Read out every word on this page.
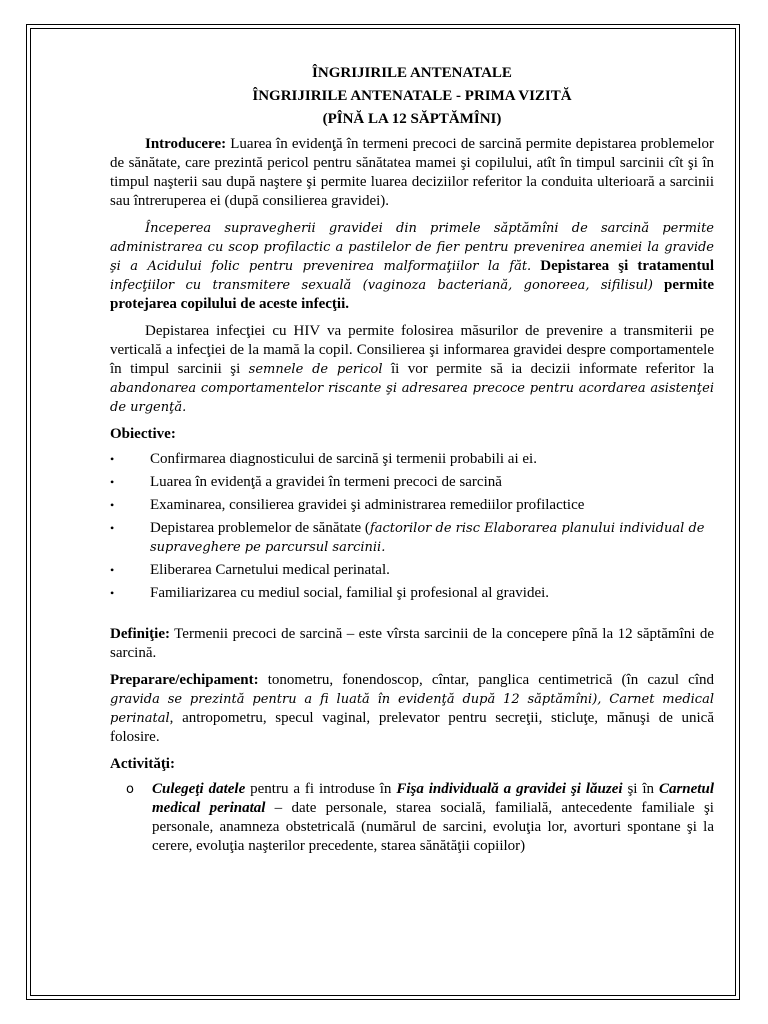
ÎNGRIJIRILE ANTENATALE

ÎNGRIJIRILE ANTENATALE - PRIMA VIZITĂ

(PÎNĂ LA 12 SĂPTĂMÎNI)

Introducere: Luarea în evidenţă în termeni precoci de sarcină permite depistarea problemelor de sănătate, care prezintă pericol pentru sănătatea mamei şi copilului, atît în timpul sarcinii cît şi în timpul naşterii sau după naştere şi permite luarea deciziilor referitor la conduita ulterioară a sarcinii sau întreruperea ei (după consilierea gravidei).

Începerea supravegherii gravidei din primele săptămîni de sarcină permite administrarea cu scop profilactic a pastilelor de fier pentru prevenirea anemiei la gravide şi a Acidului folic pentru prevenirea malformaţiilor la făt. Depistarea şi tratamentul infecţiilor cu transmitere sexuală (vaginoza bacteriană, gonoreea, sifilisul) permite protejarea copilului de aceste infecţii.

Depistarea infecţiei cu HIV va permite folosirea măsurilor de prevenire a transmiterii pe verticală a infecţiei de la mamă la copil. Consilierea şi informarea gravidei despre comportamentele în timpul sarcinii şi semnele de pericol îi vor permite să ia decizii informate referitor la abandonarea comportamentelor riscante şi adresarea precoce pentru acordarea asistenţei de urgenţă.

Obiective:

• Confirmarea diagnosticului de sarcină şi termenii probabili ai ei.
• Luarea în evidenţă a gravidei în termeni precoci de sarcină
• Examinarea, consilierea gravidei şi administrarea remediilor profilactice
• Depistarea problemelor de sănătate (factorilor de risc Elaborarea planului individual de supraveghere pe parcursul sarcinii.
• Eliberarea Carnetului medical perinatal.
• Familiarizarea cu mediul social, familial şi profesional al gravidei.

Definiţie: Termenii precoci de sarcină – este vîrsta sarcinii de la concepere pînă la 12 săptămîni de sarcină.

Preparare/echipament: tonometru, fonendoscop, cîntar, panglica centimetrică (în cazul cînd gravida se prezintă pentru a fi luată în evidenţă după 12 săptămîni), Carnet medical perinatal, antropometru, specul vaginal, prelevator pentru secreţii, sticluţe, mănuşi de unică folosire.

Activităţi:

o Culegeţi datele pentru a fi introduse în Fişa individuală a gravidei şi lăuzei şi în Carnetul medical perinatal – date personale, starea socială, familială, antecedente familiale şi personale, anamneza obstetricală (numărul de sarcini, evoluţia lor, avorturi spontane şi la cerere, evoluţia naşterilor precedente, starea sănătăţii copiilor)
